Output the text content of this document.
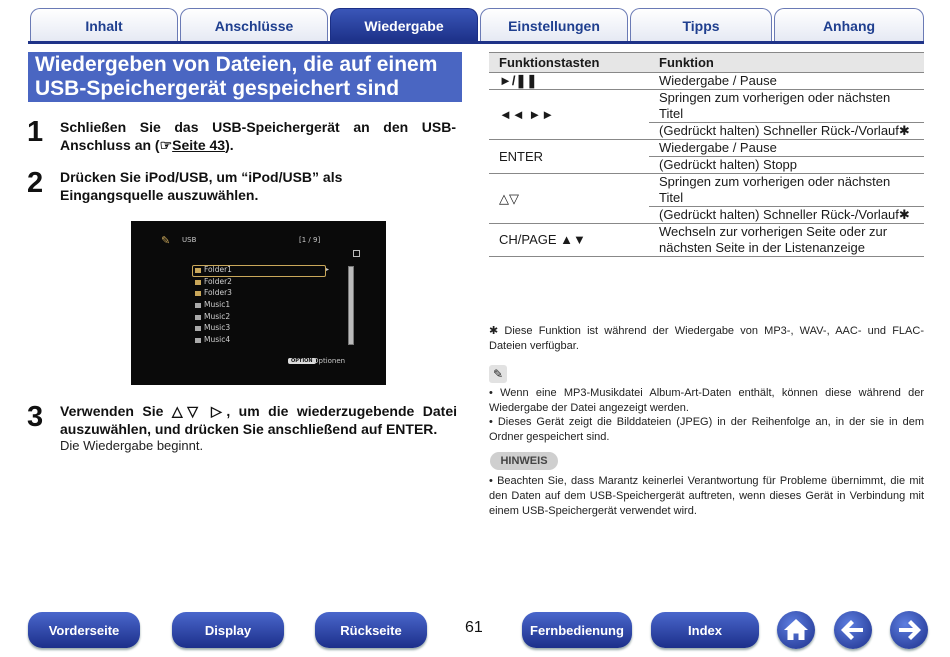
Inhalt	Anschlüsse	Wiedergabe	Einstellungen	Tipps	Anhang
Wiedergeben von Dateien, die auf einem USB-Speichergerät gespeichert sind
1 Schließen Sie das USB-Speichergerät an den USB-Anschluss an (☞Seite 43).
2 Drücken Sie iPod/USB, um “iPod/USB” als Eingangsquelle auszuwählen.
✎ USB	[1 / 9]
▸
Folder1
Folder2
Folder3
Music1
Music2
Music3
Music4
OPTION Optionen
3 Verwenden Sie △▽ ▷, um die wiederzugebende Datei auszuwählen, und drücken Sie anschließend auf ENTER.
Die Wiedergabe beginnt.
Funktionstasten	Funktion
►/❚❚	Wiedergabe / Pause
◄◄ ►►	Springen zum vorherigen oder nächsten Titel
	(Gedrückt halten) Schneller Rück-/Vorlauf✱
ENTER	Wiedergabe / Pause
	(Gedrückt halten) Stopp
△▽	Springen zum vorherigen oder nächsten Titel
	(Gedrückt halten) Schneller Rück-/Vorlauf✱
CH/PAGE ▲▼	Wechseln zur vorherigen Seite oder zur nächsten Seite in der Listenanzeige
✱ Diese Funktion ist während der Wiedergabe von MP3-, WAV-, AAC- und FLAC-Dateien verfügbar.
✎
• Wenn eine MP3-Musikdatei Album-Art-Daten enthält, können diese während der Wiedergabe der Datei angezeigt werden.
• Dieses Gerät zeigt die Bilddateien (JPEG) in der Reihenfolge an, in der sie in dem Ordner gespeichert sind.
HINWEIS
• Beachten Sie, dass Marantz keinerlei Verantwortung für Probleme übernimmt, die mit den Daten auf dem USB-Speichergerät auftreten, wenn dieses Gerät in Verbindung mit einem USB-Speichergerät verwendet wird.
Vorderseite	Display	Rückseite	61	Fernbedienung	Index
